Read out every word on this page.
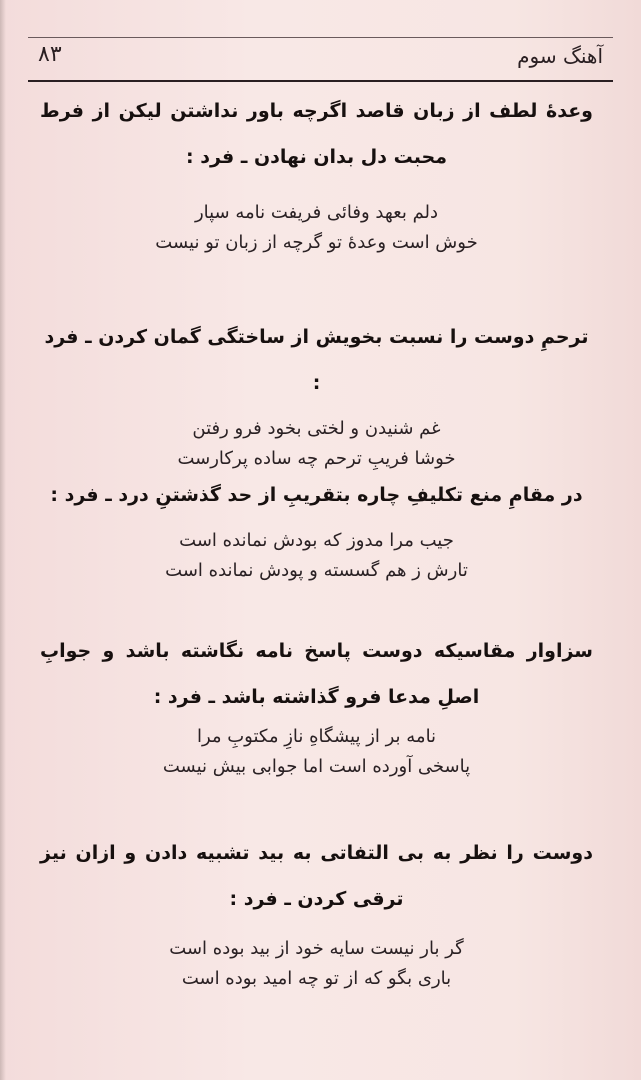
آهنگ سوم
۸۳
وعدهٔ لطف از زبان قاصد اگرچه باور نداشتن لیکن از فرط
محبت دل بدان نهادن ـ فرد :
دلم بعهد وفائی فریفت نامه سپار
خوش است وعدهٔ تو گرچه از زبان تو نیست
ترحمِ دوست را نسبت بخویش از ساختگی گمان کردن ـ فرد :
غم شنیدن و لختی بخود فرو رفتن
خوشا فریبِ ترحم چه ساده پرکارست
در مقامِ منع تکلیفِ چاره بتقریبِ از حد گذشتنِ درد ـ فرد :
جیب مرا مدوز که بودش نمانده است
تارش ز هم گسسته و پودش نمانده است
سزاوار مقاسیکه دوست پاسخ نامه نگاشته باشد و جوابِ
اصلِ مدعا فرو گذاشته باشد ـ فرد :
نامه بر از پیشگاهِ نازِ مکتوبِ مرا
پاسخی آورده است اما جوابی بیش نیست
دوست را نظر به بی التفاتی به بید تشبیه دادن و ازان نیز
ترقی کردن ـ فرد :
گر بار نیست سایه خود از بید بوده است
باری بگو که از تو چه امید بوده است
